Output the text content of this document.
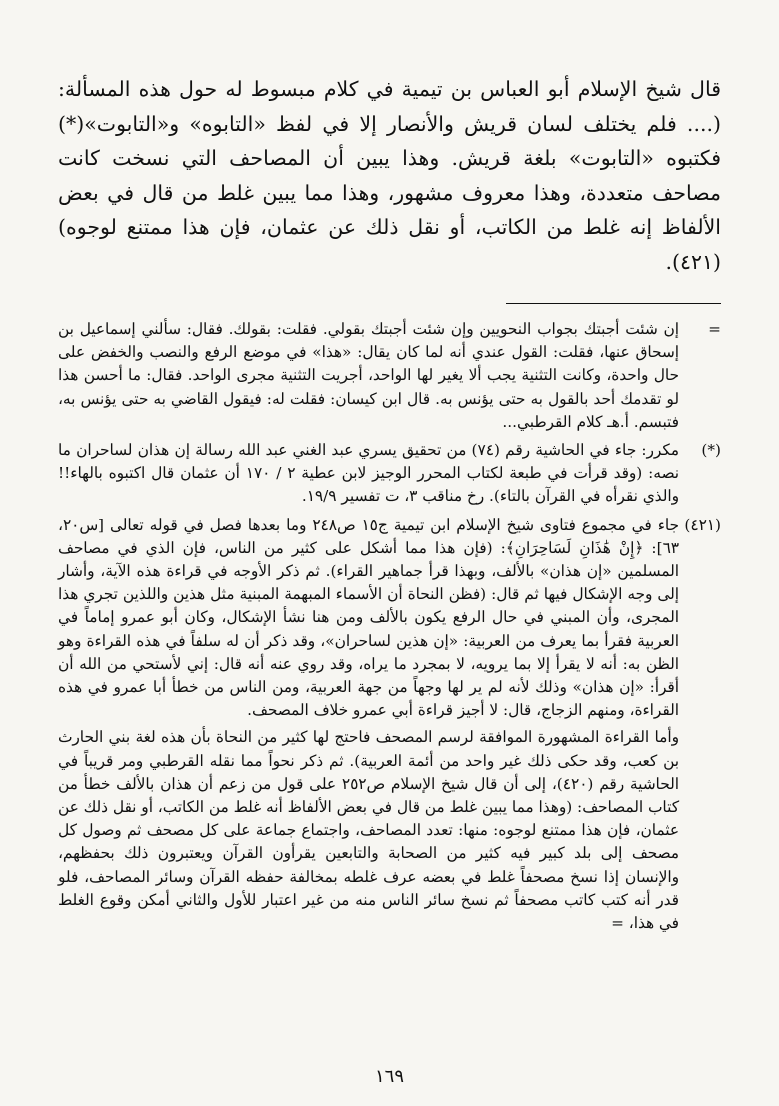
قال شيخ الإسلام أبو العباس بن تيمية في كلام مبسوط له حول هذه المسألة: (.... فلم يختلف لسان قريش والأنصار إلا في لفظ «التابوه» و«التابوت»(*) فكتبوه «التابوت» بلغة قريش. وهذا يبين أن المصاحف التي نسخت كانت مصاحف متعددة، وهذا معروف مشهور، وهذا مما يبين غلط من قال في بعض الألفاظ إنه غلط من الكاتب، أو نقل ذلك عن عثمان، فإن هذا ممتنع لوجوه)(٤٢١).

=

إن شئت أجبتك بجواب النحويين وإن شئت أجبتك بقولي. فقلت: بقولك. فقال: سألني إسماعيل بن إسحاق عنها، فقلت: القول عندي أنه لما كان يقال: «هذا» في موضع الرفع والنصب والخفض على حال واحدة، وكانت التثنية يجب ألا يغير لها الواحد، أجريت التثنية مجرى الواحد. فقال: ما أحسن هذا لو تقدمك أحد بالقول به حتى يؤنس به. قال ابن كيسان: فقلت له: فيقول القاضي به حتى يؤنس به، فتبسم. أ.هـ كلام القرطبي...

(*)

مكرر: جاء في الحاشية رقم (٧٤) من تحقيق يسري عبد الغني عبد الله رسالة إن هذان لساحران ما نصه: (وقد قرأت في طبعة لكتاب المحرر الوجيز لابن عطية ٢ / ١٧٠ أن عثمان قال اكتبوه بالهاء!! والذي نقرأه في القرآن بالتاء). رخ مناقب ٣، ت تفسير ١٩/٩.

(٤٢١)

جاء في مجموع فتاوى شيخ الإسلام ابن تيمية ج١٥ ص٢٤٨ وما بعدها فصل في قوله تعالى [س٢٠، ٦٣]: ﴿إِنْ هَٰذَانِ لَسَاحِرَانِ﴾: (فإن هذا مما أشكل على كثير من الناس، فإن الذي في مصاحف المسلمين «إن هذان» بالألف، وبهذا قرأ جماهير القراء). ثم ذكر الأوجه في قراءة هذه الآية، وأشار إلى وجه الإشكال فيها ثم قال: (فظن النحاة أن الأسماء المبهمة المبنية مثل هذين واللذين تجري هذا المجرى، وأن المبني في حال الرفع يكون بالألف ومن هنا نشأ الإشكال، وكان أبو عمرو إماماً في العربية فقرأ بما يعرف من العربية: «إن هذين لساحران»، وقد ذكر أن له سلفاً في هذه القراءة وهو الظن به: أنه لا يقرأ إلا بما يرويه، لا بمجرد ما يراه، وقد روي عنه أنه قال: إني لأستحي من الله أن أقرأ: «إن هذان» وذلك لأنه لم ير لها وجهاً من جهة العربية، ومن الناس من خطأ أبا عمرو في هذه القراءة، ومنهم الزجاج، قال: لا أجيز قراءة أبي عمرو خلاف المصحف.

وأما القراءة المشهورة الموافقة لرسم المصحف فاحتج لها كثير من النحاة بأن هذه لغة بني الحارث بن كعب، وقد حكى ذلك غير واحد من أئمة العربية). ثم ذكر نحواً مما نقله القرطبي ومر قريباً في الحاشية رقم (٤٢٠)، إلى أن قال شيخ الإسلام ص٢٥٢ على قول من زعم أن هذان بالألف خطأ من كتاب المصاحف: (وهذا مما يبين غلط من قال في بعض الألفاظ أنه غلط من الكاتب، أو نقل ذلك عن عثمان، فإن هذا ممتنع لوجوه: منها: تعدد المصاحف، واجتماع جماعة على كل مصحف ثم وصول كل مصحف إلى بلد كبير فيه كثير من الصحابة والتابعين يقرأون القرآن ويعتبرون ذلك بحفظهم، والإنسان إذا نسخ مصحفاً غلط في بعضه عرف غلطه بمخالفة حفظه القرآن وسائر المصاحف، فلو قدر أنه كتب كاتب مصحفاً ثم نسخ سائر الناس منه من غير اعتبار للأول والثاني أمكن وقوع الغلط في هذا، =

١٦٩
